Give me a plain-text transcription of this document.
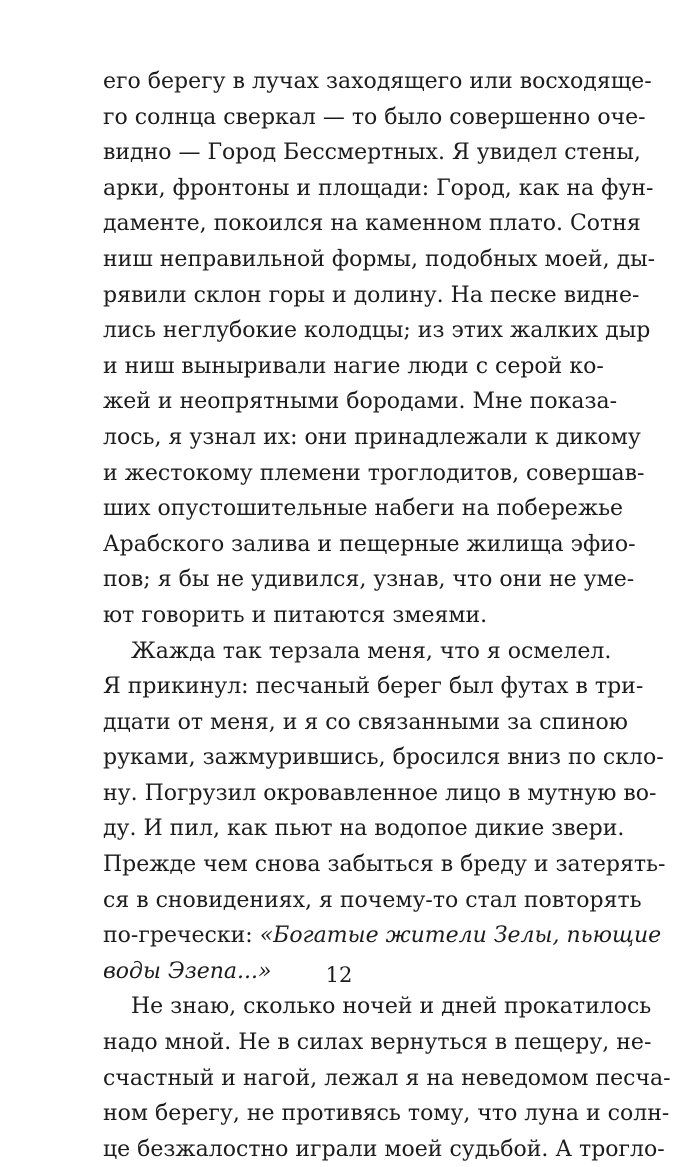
его берегу в лучах заходящего или восходяще-
го солнца сверкал — то было совершенно оче-
видно — Город Бессмертных. Я увидел стены,
арки, фронтоны и площади: Город, как на фун-
даменте, покоился на каменном плато. Сотня
ниш неправильной формы, подобных моей, ды-
рявили склон горы и долину. На песке видне-
лись неглубокие колодцы; из этих жалких дыр
и ниш выныривали нагие люди с серой ко-
жей и неопрятными бородами. Мне показа-
лось, я узнал их: они принадлежали к дикому
и жестокому племени троглодитов, совершав-
ших опустошительные набеги на побережье
Арабского залива и пещерные жилища эфио-
пов; я бы не удивился, узнав, что они не уме-
ют говорить и питаются змеями.
Жажда так терзала меня, что я осмелел.
Я прикинул: песчаный берег был футах в три-
дцати от меня, и я со связанными за спиною
руками, зажмурившись, бросился вниз по скло-
ну. Погрузил окровавленное лицо в мутную во-
ду. И пил, как пьют на водопое дикие звери.
Прежде чем снова забыться в бреду и затерять-
ся в сновидениях, я почему-то стал повторять
по-гречески: «Богатые жители Зелы, пьющие
воды Эзепа...»
Не знаю, сколько ночей и дней прокатилось
надо мной. Не в силах вернуться в пещеру, не-
счастный и нагой, лежал я на неведомом песча-
ном берегу, не противясь тому, что луна и солн-
це безжалостно играли моей судьбой. А трогло-
12
